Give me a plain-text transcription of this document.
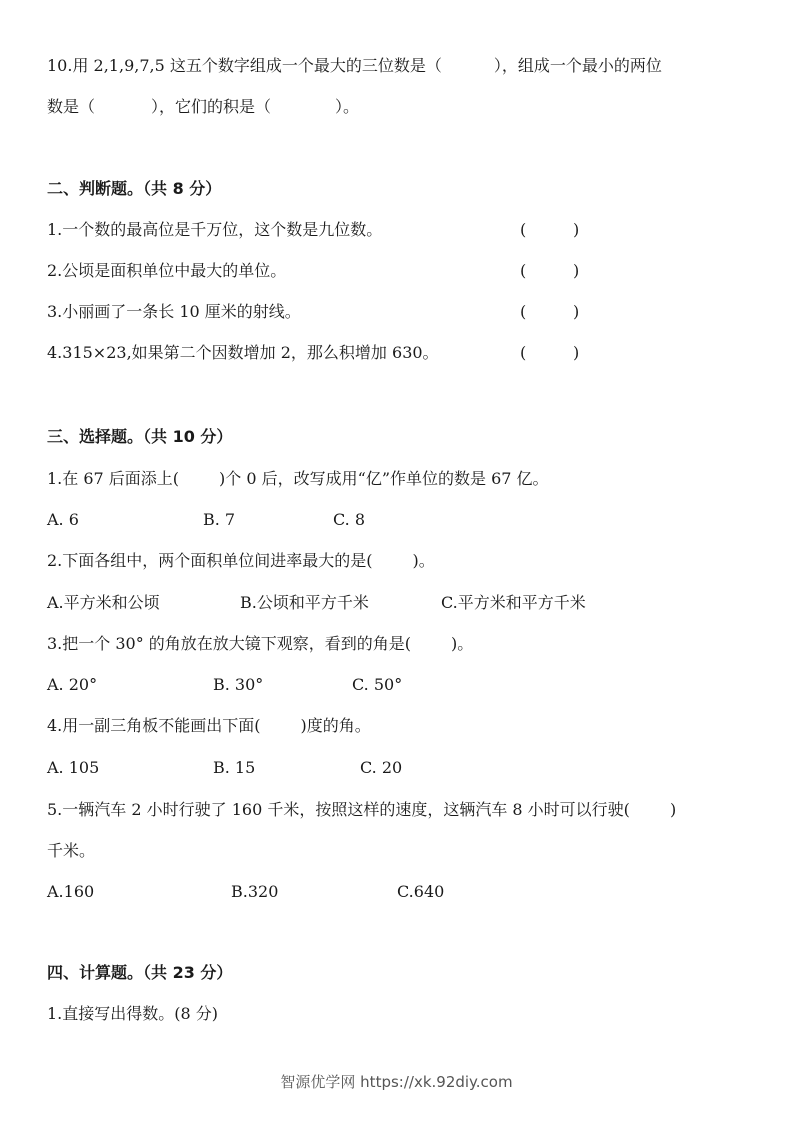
10.用 2,1,9,7,5 这五个数字组成一个最大的三位数是（	），组成一个最小的两位
数是（	），它们的积是（	）。
二、判断题。（共 8 分）
1.一个数的最高位是千万位，这个数是九位数。	(	)
2.公顷是面积单位中最大的单位。	(	)
3.小丽画了一条长 10 厘米的射线。	(	)
4.315×23,如果第二个因数增加 2，那么积增加 630。	(	)
三、选择题。（共 10 分）
1.在 67 后面添上(	)个 0 后，改写成用“亿”作单位的数是 67 亿。
A. 6	B. 7	C. 8
2.下面各组中，两个面积单位间进率最大的是(	)。
A.平方米和公顷	B.公顷和平方千米	C.平方米和平方千米
3.把一个 30° 的角放在放大镜下观察，看到的角是(	)。
A. 20°	B. 30°	C. 50°
4.用一副三角板不能画出下面(	)度的角。
A. 105	B. 15	C. 20
5.一辆汽车 2 小时行驶了 160 千米，按照这样的速度，这辆汽车 8 小时可以行驶(	)
千米。
A.160	B.320	C.640
四、计算题。（共 23 分）
1.直接写出得数。(8 分)
智源优学网 https://xk.92diy.com
